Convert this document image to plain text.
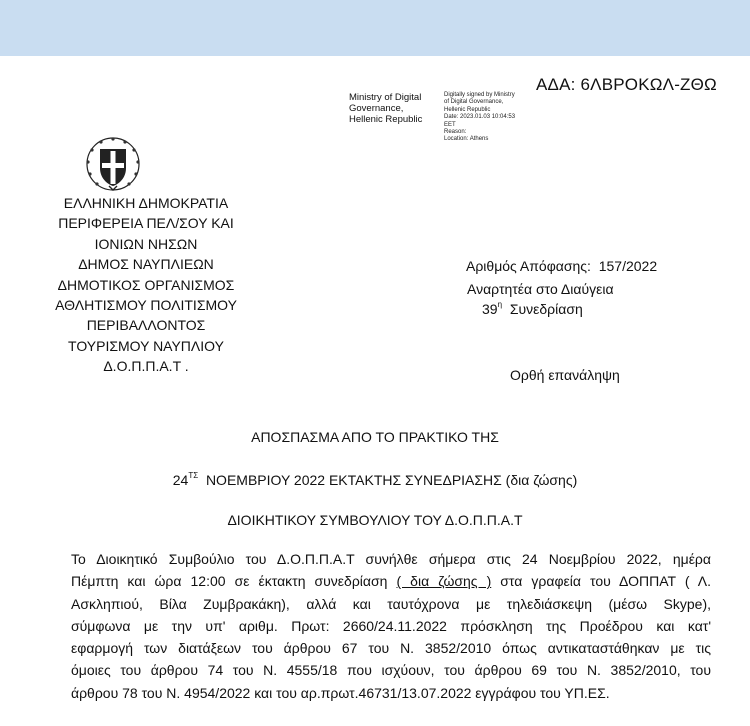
ΑΔΑ: 6ΛΒΡΟΚΩΛ-ΖΘΩ
Ministry of Digital
Governance,
Hellenic Republic
Digitally signed by Ministry
of Digital Governance,
Hellenic Republic
Date: 2023.01.03 10:04:53
EET
Reason:
Location: Athens
ΕΛΛΗΝΙΚΗ ΔΗΜΟΚΡΑΤΙΑ
ΠΕΡΙΦΕΡΕΙΑ ΠΕΛ/ΣΟΥ ΚΑΙ
ΙΟΝΙΩΝ ΝΗΣΩΝ
ΔΗΜΟΣ ΝΑΥΠΛΙΕΩΝ
ΔΗΜΟΤΙΚΟΣ ΟΡΓΑΝΙΣΜΟΣ
ΑΘΛΗΤΙΣΜΟΥ ΠΟΛΙΤΙΣΜΟΥ
ΠΕΡΙΒΑΛΛΟΝΤΟΣ
ΤΟΥΡΙΣΜΟΥ ΝΑΥΠΛΙΟΥ
Δ.Ο.Π.Π.Α.Τ .
Αριθμός Απόφασης: 157/2022
Αναρτητέα στο Διαύγεια
$39^\eta$ Συνεδρίαση
Ορθή επανάληψη
ΑΠΟΣΠΑΣΜΑ ΑΠΟ ΤΟ ΠΡΑΚΤΙΚΟ ΤΗΣ
$24^{T\Sigma}$ ΝΟΕΜΒΡΙΟΥ 2022 ΕΚΤΑΚΤΗΣ ΣΥΝΕΔΡΙΑΣΗΣ (δια ζώσης)
ΔΙΟΙΚΗΤΙΚΟΥ ΣΥΜΒΟΥΛΙΟΥ ΤΟΥ Δ.Ο.Π.Π.Α.Τ
Το Διοικητικό Συμβούλιο του Δ.Ο.Π.Π.Α.Τ συνήλθε σήμερα στις 24 Νοεμβρίου 2022, ημέρα
Πέμπτη και ώρα 12:00 σε έκτακτη συνεδρίαση ( δια ζώσης ) στα γραφεία του ΔΟΠΠΑΤ ( Λ.
Ασκληπιού, Βίλα Ζυμβρακάκη), αλλά και ταυτόχρονα με τηλεδιάσκεψη (μέσω Skype),
σύμφωνα με την υπ' αριθμ. Πρωτ: 2660/24.11.2022 πρόσκληση της Προέδρου και κατ'
εφαρμογή των διατάξεων του άρθρου 67 του Ν. 3852/2010 όπως αντικαταστάθηκαν με τις
όμοιες του άρθρου 74 του Ν. 4555/18 που ισχύουν, του άρθρου 69 του Ν. 3852/2010, του
άρθρου 78 του Ν. 4954/2022 και του αρ.πρωτ.46731/13.07.2022 εγγράφου του ΥΠ.ΕΣ.
